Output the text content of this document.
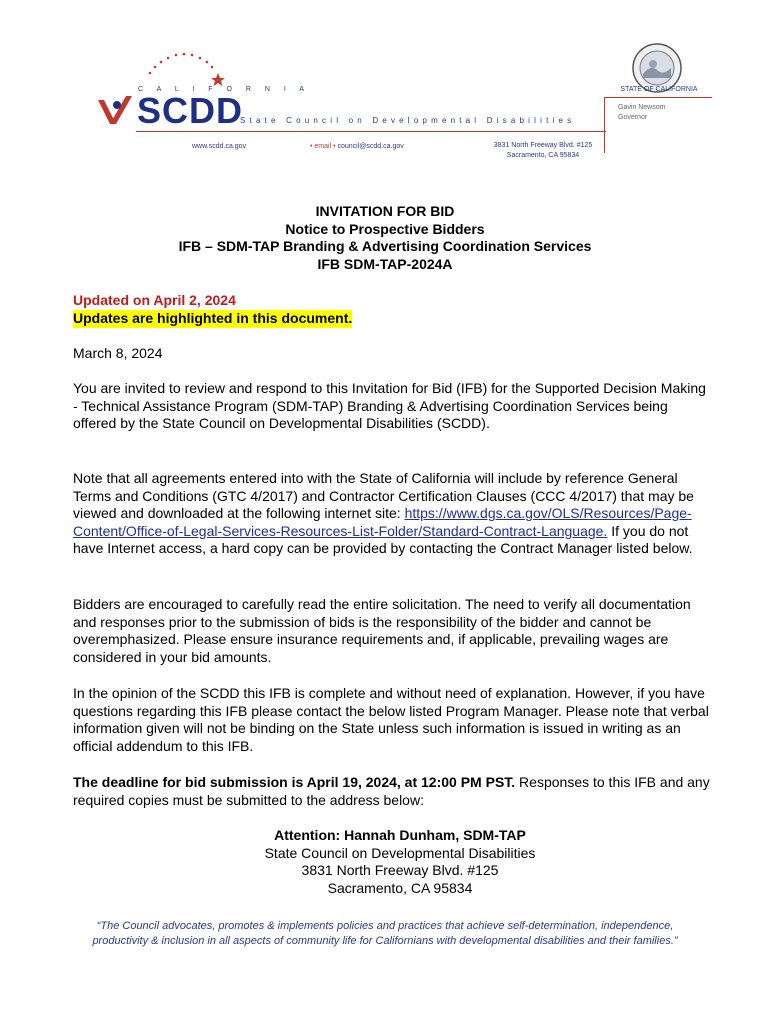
C A L I F O R N I A
SCDD
State Council on Developmental Disabilities
www.scdd.ca.gov	• email • council@scdd.ca.gov	3831 North Freeway Blvd. #125
Sacramento, CA 95834
STATE OF CALIFORNIA
Gavin Newsom
Governor
INVITATION FOR BID
Notice to Prospective Bidders
IFB – SDM-TAP Branding & Advertising Coordination Services
IFB SDM-TAP-2024A
Updated on April 2, 2024
Updates are highlighted in this document.
March 8, 2024
You are invited to review and respond to this Invitation for Bid (IFB) for the Supported Decision Making - Technical Assistance Program (SDM-TAP) Branding & Advertising Coordination Services being offered by the State Council on Developmental Disabilities (SCDD).
Note that all agreements entered into with the State of California will include by reference General Terms and Conditions (GTC 4/2017) and Contractor Certification Clauses (CCC 4/2017) that may be viewed and downloaded at the following internet site: https://www.dgs.ca.gov/OLS/Resources/Page-Content/Office-of-Legal-Services-Resources-List-Folder/Standard-Contract-Language. If you do not have Internet access, a hard copy can be provided by contacting the Contract Manager listed below.
Bidders are encouraged to carefully read the entire solicitation. The need to verify all documentation and responses prior to the submission of bids is the responsibility of the bidder and cannot be overemphasized. Please ensure insurance requirements and, if applicable, prevailing wages are considered in your bid amounts.
In the opinion of the SCDD this IFB is complete and without need of explanation. However, if you have questions regarding this IFB please contact the below listed Program Manager. Please note that verbal information given will not be binding on the State unless such information is issued in writing as an official addendum to this IFB.
The deadline for bid submission is April 19, 2024, at 12:00 PM PST. Responses to this IFB and any required copies must be submitted to the address below:
Attention: Hannah Dunham, SDM-TAP
State Council on Developmental Disabilities
3831 North Freeway Blvd. #125
Sacramento, CA 95834
“The Council advocates, promotes & implements policies and practices that achieve self-determination, independence, productivity & inclusion in all aspects of community life for Californians with developmental disabilities and their families.”
